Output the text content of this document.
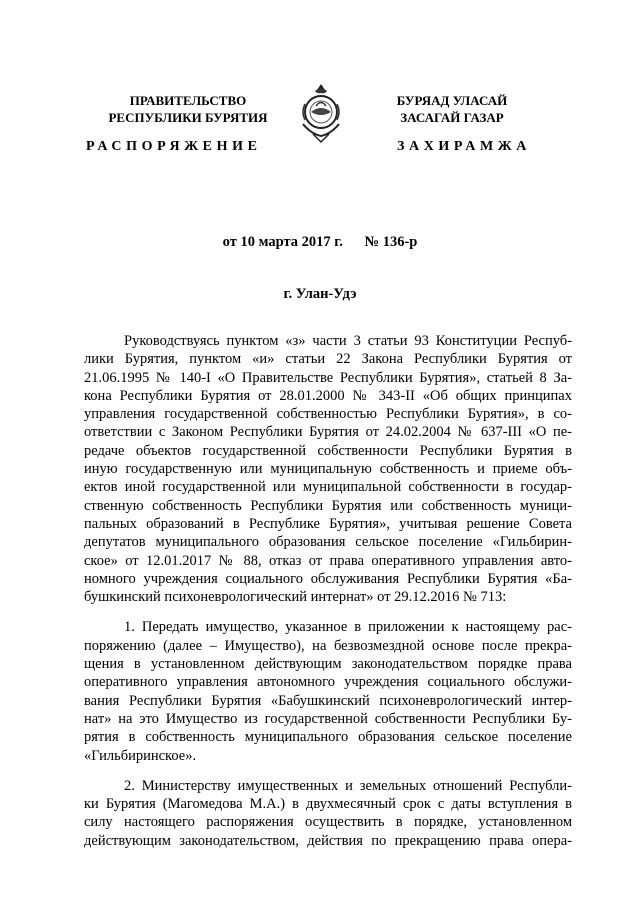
ПРАВИТЕЛЬСТВО
РЕСПУБЛИКИ БУРЯТИЯ
БУРЯАД УЛАСАЙ
ЗАСАГАЙ ГАЗАР
РАСПОРЯЖЕНИЕ	ЗАХИРАМЖА
от 10 марта 2017 г. № 136-р
г. Улан-Удэ
Руководствуясь пунктом «з» части 3 статьи 93 Конституции Респуб-
лики Бурятия, пунктом «и» статьи 22 Закона Республики Бурятия от
21.06.1995 № 140-I «О Правительстве Республики Бурятия», статьей 8 За-
кона Республики Бурятия от 28.01.2000 № 343-II «Об общих принципах
управления государственной собственностью Республики Бурятия», в со-
ответствии с Законом Республики Бурятия от 24.02.2004 № 637-III «О пе-
редаче объектов государственной собственности Республики Бурятия в
иную государственную или муниципальную собственность и приеме объ-
ектов иной государственной или муниципальной собственности в государ-
ственную собственность Республики Бурятия или собственность муници-
пальных образований в Республике Бурятия», учитывая решение Совета
депутатов муниципального образования сельское поселение «Гильбирин-
ское» от 12.01.2017 № 88, отказ от права оперативного управления авто-
номного учреждения социального обслуживания Республики Бурятия «Ба-
бушкинский психоневрологический интернат» от 29.12.2016 № 713:
1. Передать имущество, указанное в приложении к настоящему рас-
поряжению (далее – Имущество), на безвозмездной основе после прекра-
щения в установленном действующим законодательством порядке права
оперативного управления автономного учреждения социального обслужи-
вания Республики Бурятия «Бабушкинский психоневрологический интер-
нат» на это Имущество из государственной собственности Республики Бу-
рятия в собственность муниципального образования сельское поселение
«Гильбиринское».
2. Министерству имущественных и земельных отношений Республи-
ки Бурятия (Магомедова М.А.) в двухмесячный срок с даты вступления в
силу настоящего распоряжения осуществить в порядке, установленном
действующим законодательством, действия по прекращению права опера-
